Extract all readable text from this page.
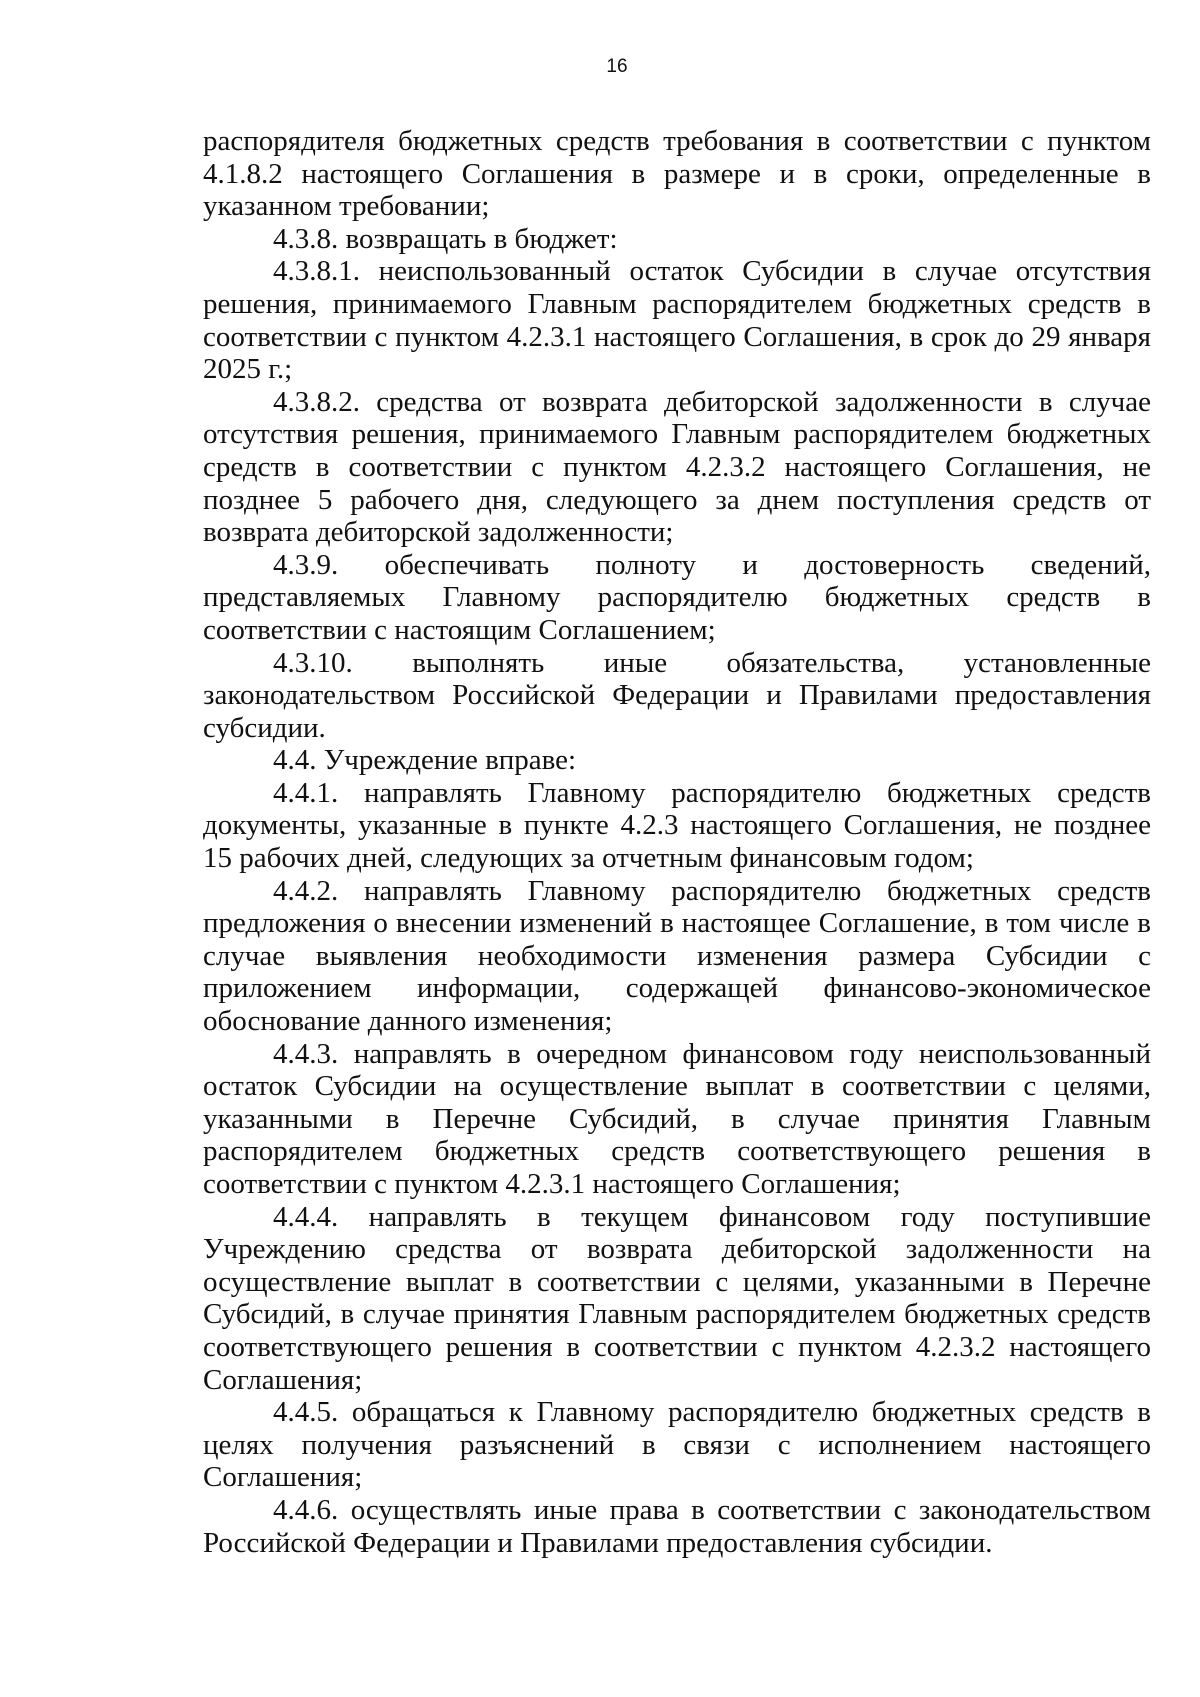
16

распорядителя бюджетных средств требования в соответствии с пунктом 4.1.8.2 настоящего Соглашения в размере и в сроки, определенные в указанном требовании;

4.3.8. возвращать в бюджет:

4.3.8.1. неиспользованный остаток Субсидии в случае отсутствия решения, принимаемого Главным распорядителем бюджетных средств в соответствии с пунктом 4.2.3.1 настоящего Соглашения, в срок до 29 января 2025 г.;

4.3.8.2. средства от возврата дебиторской задолженности в случае отсутствия решения, принимаемого Главным распорядителем бюджетных средств в соответствии с пунктом 4.2.3.2 настоящего Соглашения, не позднее 5 рабочего дня, следующего за днем поступления средств от возврата дебиторской задолженности;

4.3.9. обеспечивать полноту и достоверность сведений, представляемых Главному распорядителю бюджетных средств в соответствии с настоящим Соглашением;

4.3.10. выполнять иные обязательства, установленные законодательством Российской Федерации и Правилами предоставления субсидии.

4.4. Учреждение вправе:

4.4.1. направлять Главному распорядителю бюджетных средств документы, указанные в пункте 4.2.3 настоящего Соглашения, не позднее 15 рабочих дней, следующих за отчетным финансовым годом;

4.4.2. направлять Главному распорядителю бюджетных средств предложения о внесении изменений в настоящее Соглашение, в том числе в случае выявления необходимости изменения размера Субсидии с приложением информации, содержащей финансово-экономическое обоснование данного изменения;

4.4.3. направлять в очередном финансовом году неиспользованный остаток Субсидии на осуществление выплат в соответствии с целями, указанными в Перечне Субсидий, в случае принятия Главным распорядителем бюджетных средств соответствующего решения в соответствии с пунктом 4.2.3.1 настоящего Соглашения;

4.4.4. направлять в текущем финансовом году поступившие Учреждению средства от возврата дебиторской задолженности на осуществление выплат в соответствии с целями, указанными в Перечне Субсидий, в случае принятия Главным распорядителем бюджетных средств соответствующего решения в соответствии с пунктом 4.2.3.2 настоящего Соглашения;

4.4.5. обращаться к Главному распорядителю бюджетных средств в целях получения разъяснений в связи с исполнением настоящего Соглашения;

4.4.6. осуществлять иные права в соответствии с законодательством Российской Федерации и Правилами предоставления субсидии.
